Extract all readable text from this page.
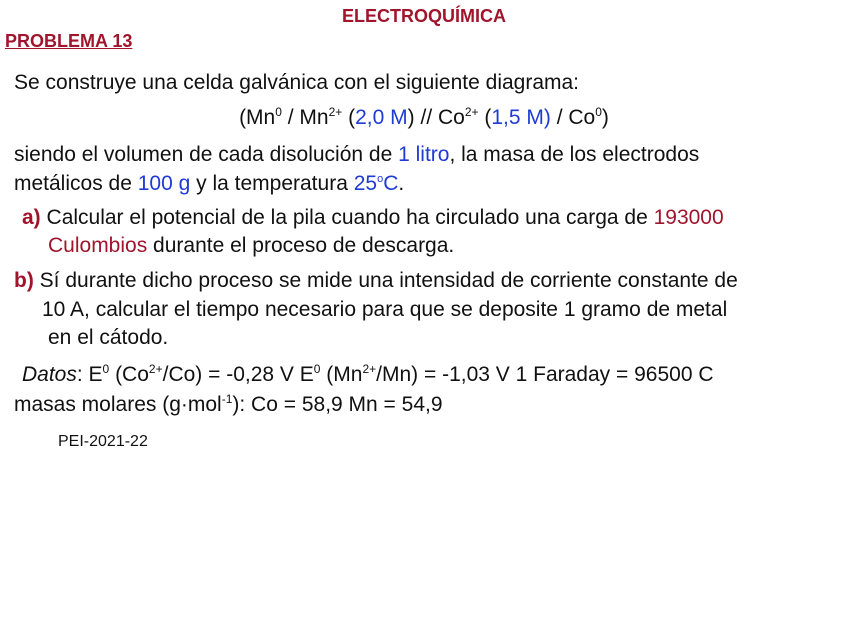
ELECTROQUÍMICA
PROBLEMA 13
Se construye una celda galvánica con el siguiente diagrama:
($Mn^0 / Mn^{2+}$ (2,0 $M) // Co^{2+}$ (1,5 M) / Co$^0$)
siendo el volumen de cada disolución de 1 litro, la masa de los electrodos
metálicos de 100 g y la temperatura 25$^o$C.
a) Calcular el potencial de la pila cuando ha circulado una carga de 193000
Culombios durante el proceso de descarga.
b) Sí durante dicho proceso se mide una intensidad de corriente constante de
10 A, calcular el tiempo necesario para que se deposite 1 gramo de metal
en el cátodo.
Datos: $E^0$ $(Co^{2+}/Co) = -0,28$ V $E^0$ $(Mn^{2+}/Mn) = -1,03$ V 1 Faraday = 96500 C
masas molares (g·mol$^{-1}$): Co = 58,9 Mn = 54,9
PEI-2021-22
